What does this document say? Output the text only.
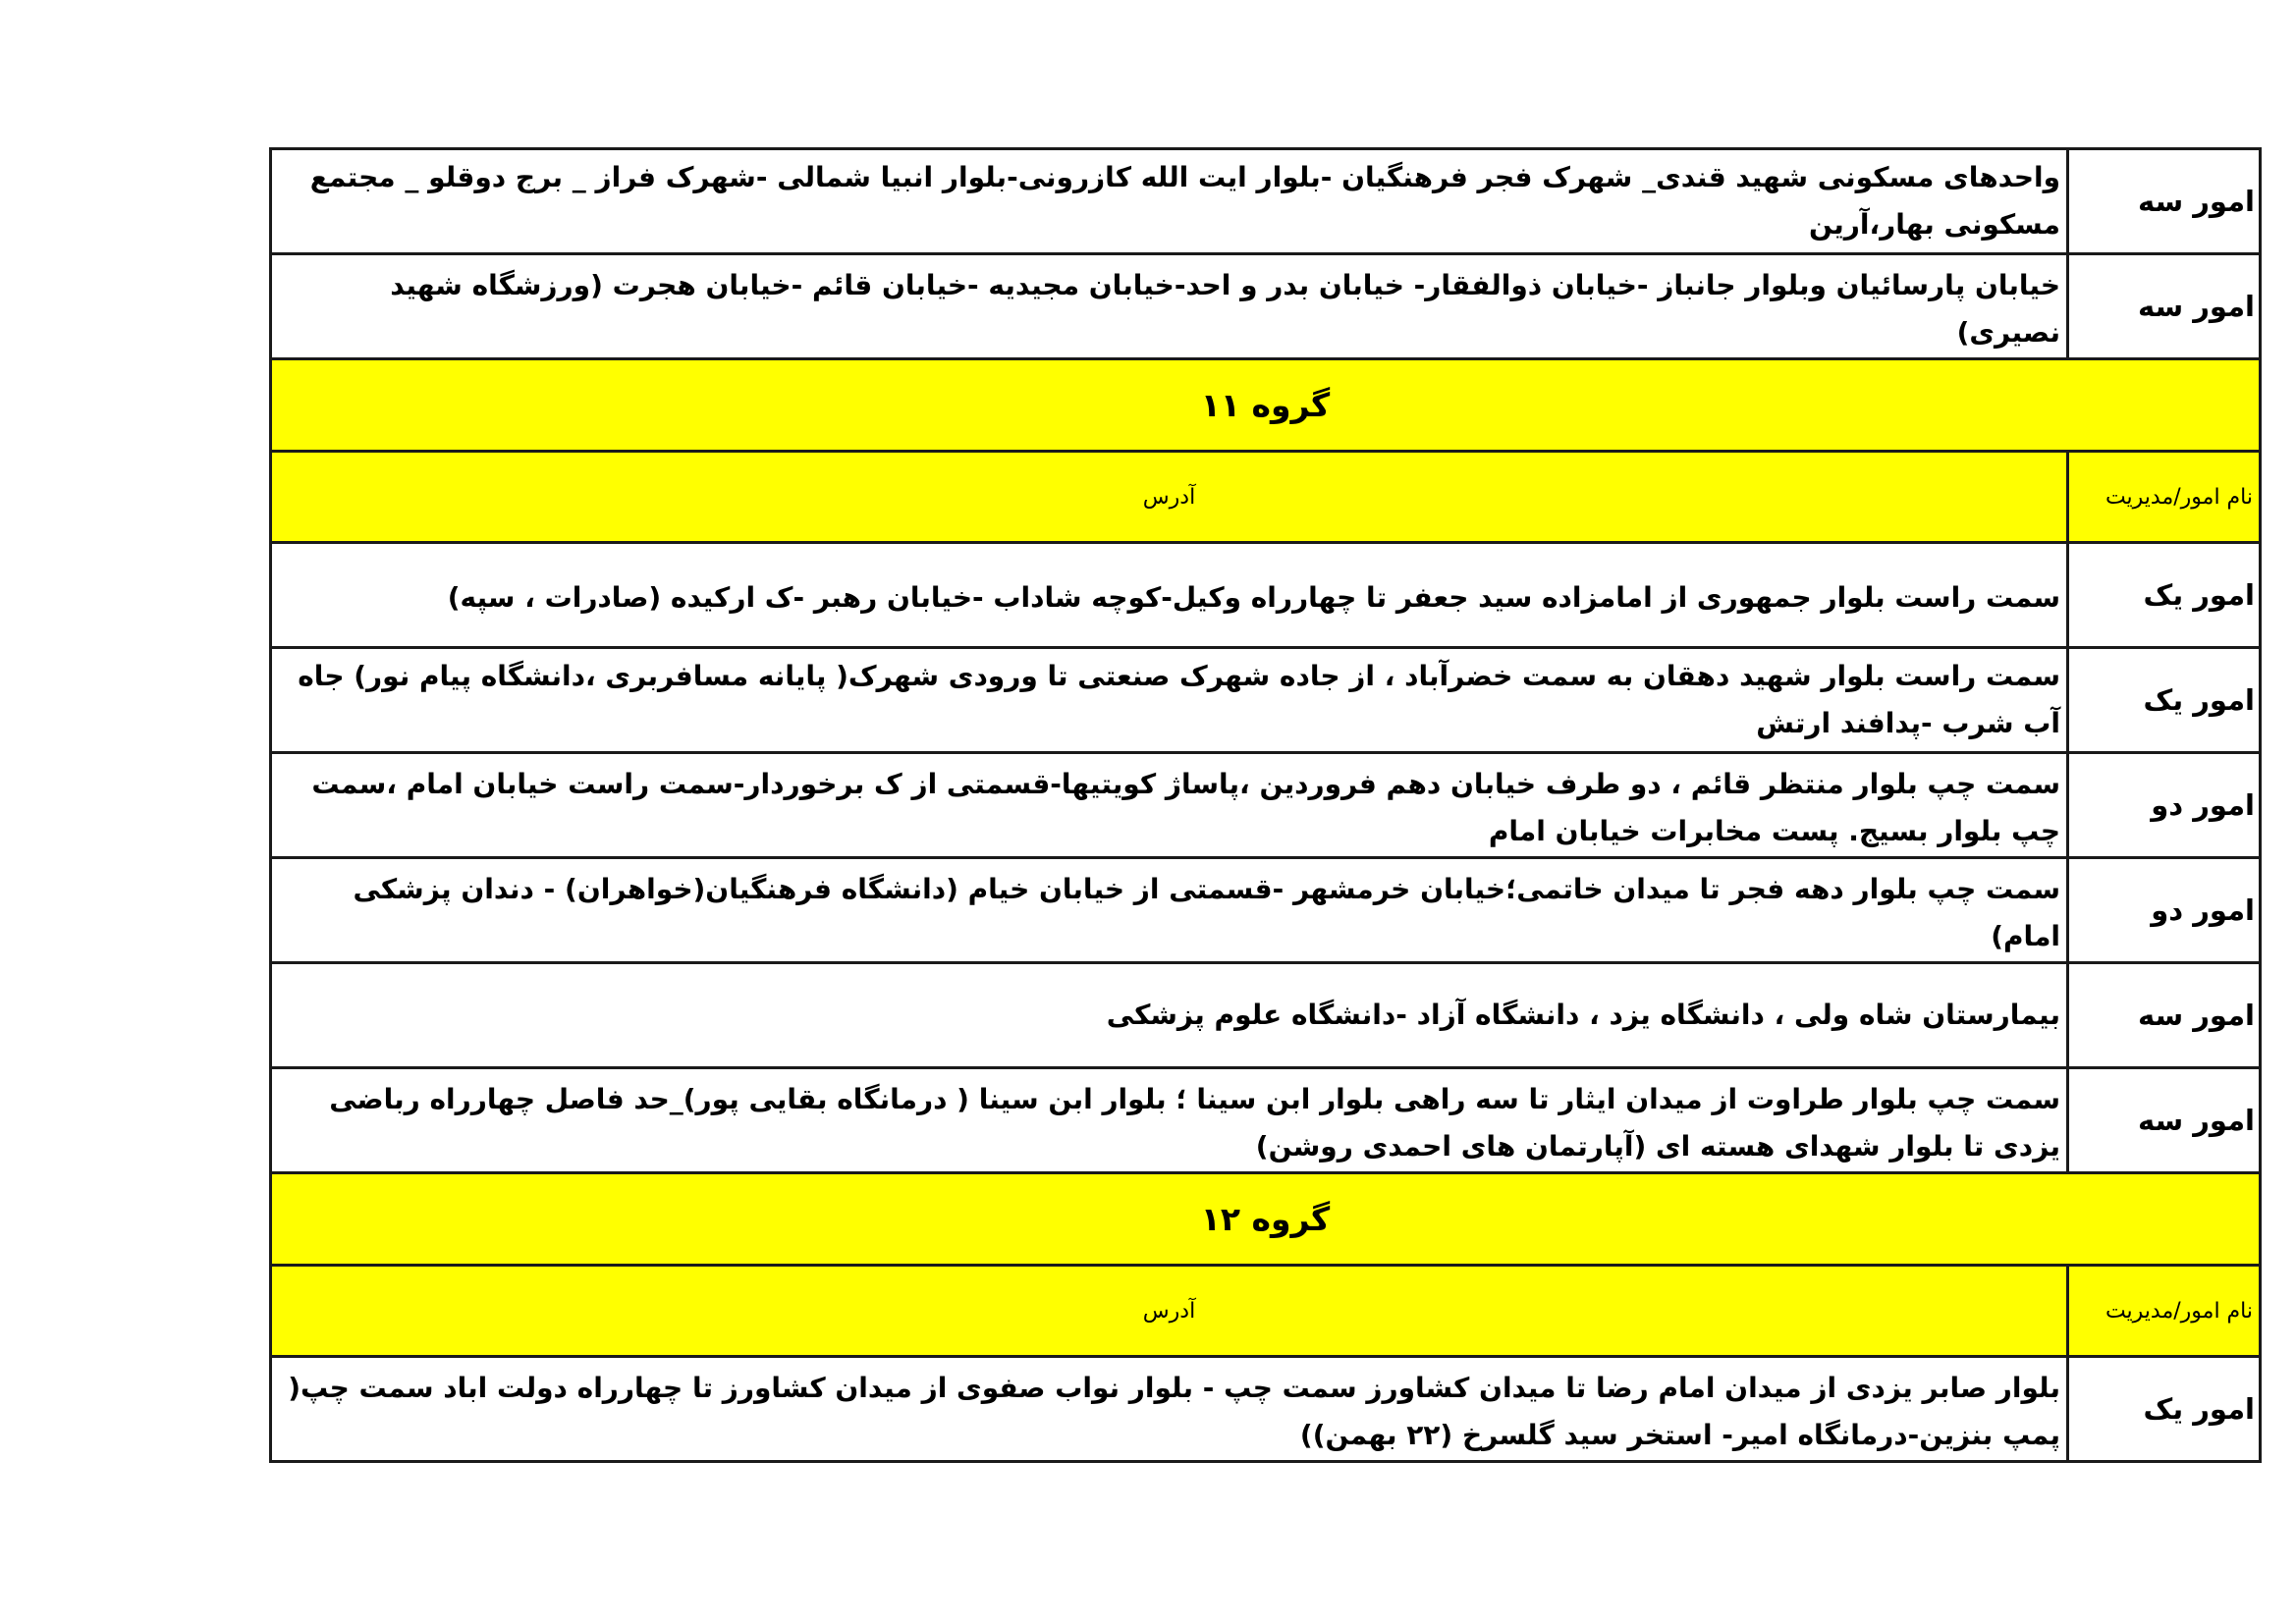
امور سه	واحدهای مسکونی شهید قندی_ شهرک فجر فرهنگیان -بلوار ایت الله کازرونی-بلوار انبیا شمالی -شهرک فراز _ برج دوقلو _ مجتمع مسکونی بهار،آرین
امور سه	خیابان پارسائیان وبلوار جانباز -خیابان ذوالفقار- خیابان بدر و احد-خیابان مجیدیه -خیابان قائم -خیابان هجرت (ورزشگاه شهید نصیری)
گروه ۱۱	
نام امور/مدیریت	آدرس
امور یک	سمت راست بلوار جمهوری از امامزاده سید جعفر تا چهارراه وکیل-کوچه شاداب -خیابان رهبر -ک ارکیده (صادرات ، سپه)
امور یک	سمت راست بلوار شهید دهقان به سمت خضرآباد ، از جاده شهرک صنعتی تا ورودی شهرک( پایانه مسافربری ،دانشگاه پیام نور) جاه آب شرب -پدافند ارتش
امور دو	سمت چپ بلوار منتظر قائم ، دو طرف خیابان دهم فروردین ،پاساژ کویتیها-قسمتی از ک برخوردار-سمت راست خیابان امام ،سمت چپ بلوار بسیج. پست مخابرات خیابان امام
امور دو	سمت چپ بلوار دهه فجر تا میدان خاتمی؛خیابان خرمشهر -قسمتی از خیابان خیام (دانشگاه فرهنگیان(خواهران) - دندان پزشکی امام)
امور سه	بیمارستان شاه ولی ، دانشگاه یزد ، دانشگاه آزاد -دانشگاه علوم پزشکی
امور سه	سمت چپ بلوار طراوت از میدان ایثار تا سه راهی بلوار ابن سینا ؛ بلوار ابن سینا ( درمانگاه بقایی پور)_حد فاصل چهارراه رباضی یزدی تا بلوار شهدای هسته ای (آپارتمان های احمدی روشن)
گروه ۱۲	
نام امور/مدیریت	آدرس
امور یک	بلوار صابر یزدی از میدان امام رضا تا میدان کشاورز سمت چپ - بلوار نواب صفوی از میدان کشاورز تا چهارراه دولت اباد سمت چپ( پمپ بنزین-درمانگاه امیر- استخر سید گلسرخ (۲۲ بهمن))
